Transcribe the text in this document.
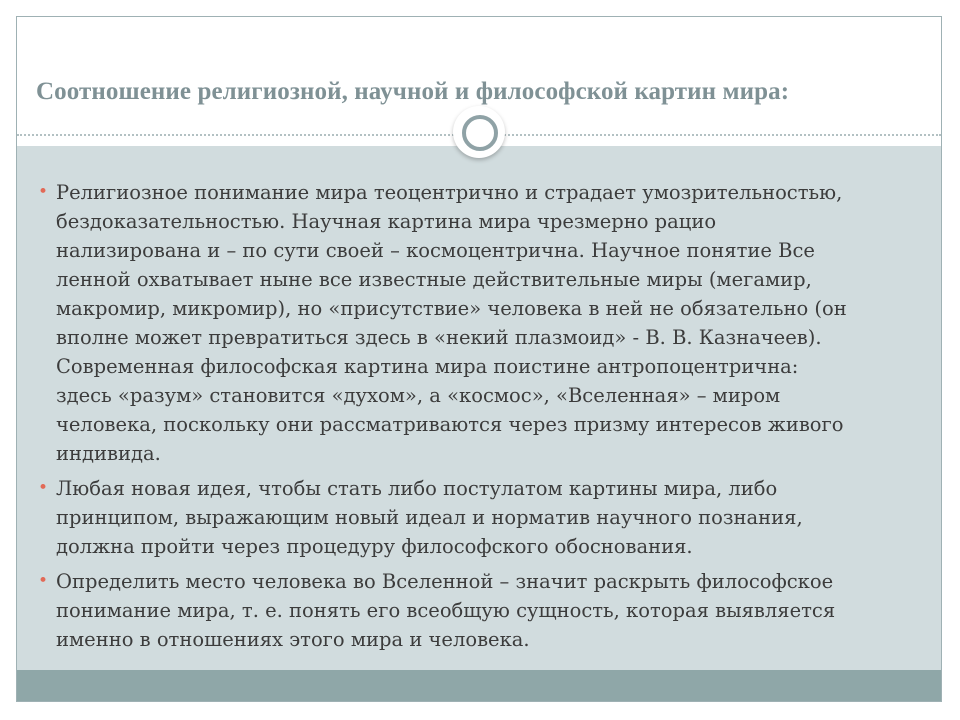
Соотношение религиозной, научной и философской картин мира:
• Религиозное понимание мира теоцентрично и страдает умозрительностью,
бездоказательностью. Научная картина мира чрезмерно рацио
нализирована и – по сути своей – космоцентрична. Научное понятие Все
ленной охватывает ныне все известные действительные миры (мегамир,
макромир, микромир), но «присутствие» человека в ней не обязательно (он
вполне может превратиться здесь в «некий плазмоид» - В. В. Казначеев).
Современная философская картина мира поистине антропоцентрична:
здесь «разум» становится «духом», а «космос», «Вселенная» – миром
человека, поскольку они рассматриваются через призму интересов живого
индивида.
• Любая новая идея, чтобы стать либо постулатом картины мира, либо
принципом, выражающим новый идеал и норматив научного познания,
должна пройти через процедуру философского обоснования.
• Определить место человека во Вселенной – значит раскрыть философское
понимание мира, т. е. понять его всеобщую сущность, которая выявляется
именно в отношениях этого мира и человека.
